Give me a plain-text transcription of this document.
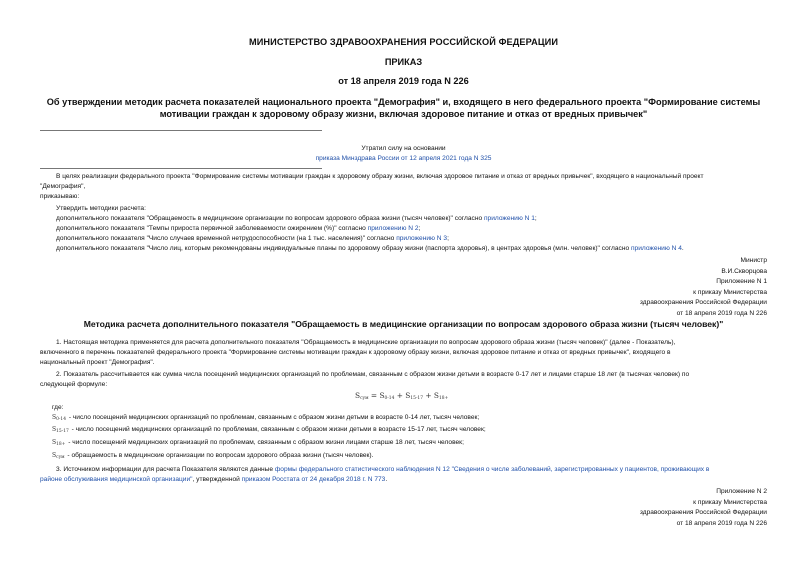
МИНИСТЕРСТВО ЗДРАВООХРАНЕНИЯ РОССИЙСКОЙ ФЕДЕРАЦИИ
ПРИКАЗ
от 18 апреля 2019 года N 226
Об утверждении методик расчета показателей национального проекта "Демография" и, входящего в него федерального проекта "Формирование системы
мотивации граждан к здоровому образу жизни, включая здоровое питание и отказ от вредных привычек"
Утратил силу на основании
приказа Минздрава России от 12 апреля 2021 года N 325
В целях реализации федерального проекта "Формирование системы мотивации граждан к здоровому образу жизни, включая здоровое питание и отказ от вредных привычек", входящего в национальный проект
"Демография",
приказываю:
Утвердить методики расчета:
дополнительного показателя "Обращаемость в медицинские организации по вопросам здорового образа жизни (тысяч человек)" согласно приложению N 1;
дополнительного показателя "Темпы прироста первичной заболеваемости ожирением (%)" согласно приложению N 2;
дополнительного показателя "Число случаев временной нетрудоспособности (на 1 тыс. населения)" согласно приложению N 3;
дополнительного показателя "Число лиц, которым рекомендованы индивидуальные планы по здоровому образу жизни (паспорта здоровья), в центрах здоровья (млн. человек)" согласно приложению N 4.
Министр
В.И.Скворцова
Приложение N 1
к приказу Министерства
здравоохранения Российской Федерации
от 18 апреля 2019 года N 226
Методика расчета дополнительного показателя "Обращаемость в медицинские организации по вопросам здорового образа жизни (тысяч человек)"
1. Настоящая методика применяется для расчета дополнительного показателя "Обращаемость в медицинские организации по вопросам здорового образа жизни (тысяч человек)" (далее - Показатель),
включенного в перечень показателей федерального проекта "Формирование системы мотивации граждан к здоровому образу жизни, включая здоровое питание и отказ от вредных привычек", входящего в
национальный проект "Демография".
2. Показатель рассчитывается как сумма числа посещений медицинских организаций по проблемам, связанным с образом жизни детьми в возрасте 0-17 лет и лицами старше 18 лет (в тысячах человек) по
следующей формуле:
$S_{сум} = S_{0-14} + S_{15-17} + S_{18+}$
где:
$S_{0-14}$ - число посещений медицинских организаций по проблемам, связанным с образом жизни детьми в возрасте 0-14 лет, тысяч человек;
$S_{15-17}$ - число посещений медицинских организаций по проблемам, связанным с образом жизни детьми в возрасте 15-17 лет, тысяч человек;
$S_{18+}$ - число посещений медицинских организаций по проблемам, связанным с образом жизни лицами старше 18 лет, тысяч человек;
$S_{сум}$ - обращаемость в медицинские организации по вопросам здорового образа жизни (тысяч человек).
3. Источником информации для расчета Показателя являются данные формы федерального статистического наблюдения N 12 "Сведения о числе заболеваний, зарегистрированных у пациентов, проживающих в
районе обслуживания медицинской организации", утвержденной приказом Росстата от 24 декабря 2018 г. N 773.
Приложение N 2
к приказу Министерства
здравоохранения Российской Федерации
от 18 апреля 2019 года N 226
